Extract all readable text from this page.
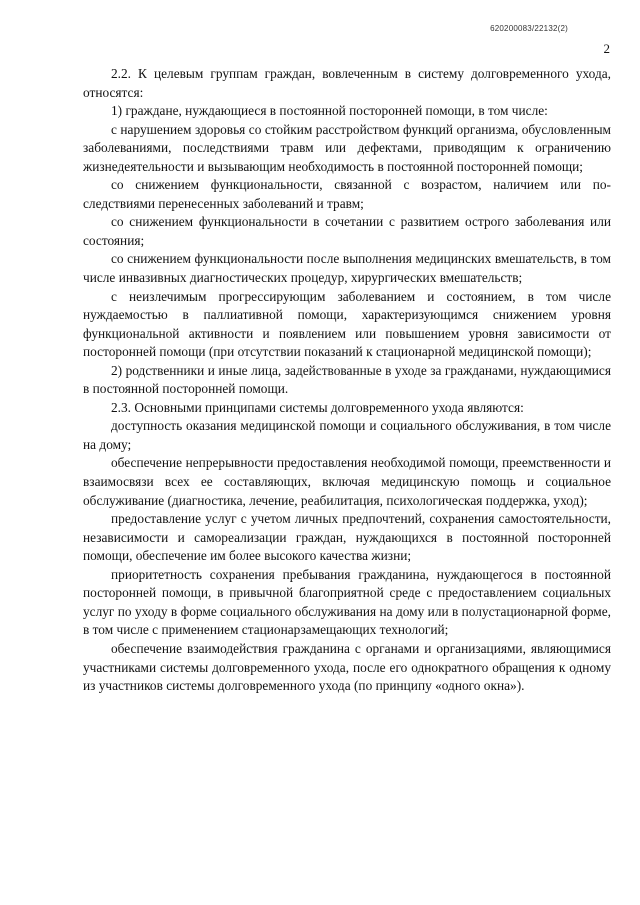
620200083/22132(2)
2

2.2. К целевым группам граждан, вовлеченным в систему долговременного ухода, относятся:

1) граждане, нуждающиеся в постоянной посторонней помощи, в том числе:

с нарушением здоровья со стойким расстройством функций организма, обусловленным заболеваниями, последствиями травм или дефектами, приводящим к ограничению жизнедеятельности и вызывающим необходимость в постоянной посторонней помощи;

со снижением функциональности, связанной с возрастом, наличием или последствиями перенесенных заболеваний и травм;

со снижением функциональности в сочетании с развитием острого заболевания или состояния;

со снижением функциональности после выполнения медицинских вмешательств, в том числе инвазивных диагностических процедур, хирургических вмешательств;

с неизлечимым прогрессирующим заболеванием и состоянием, в том числе нуждаемостью в паллиативной помощи, характеризующимся снижением уровня функциональной активности и появлением или повышением уровня зависимости от посторонней помощи (при отсутствии показаний к стационарной медицинской помощи);

2) родственники и иные лица, задействованные в уходе за гражданами, нуждающимися в постоянной посторонней помощи.

2.3. Основными принципами системы долговременного ухода являются:

доступность оказания медицинской помощи и социального обслуживания, в том числе на дому;

обеспечение непрерывности предоставления необходимой помощи, преемственности и взаимосвязи всех ее составляющих, включая медицинскую помощь и социальное обслуживание (диагностика, лечение, реабилитация, психологическая поддержка, уход);

предоставление услуг с учетом личных предпочтений, сохранения самостоятельности, независимости и самореализации граждан, нуждающихся в постоянной посторонней помощи, обеспечение им более высокого качества жизни;

приоритетность сохранения пребывания гражданина, нуждающегося в постоянной посторонней помощи, в привычной благоприятной среде с предоставлением социальных услуг по уходу в форме социального обслуживания на дому или в полустационарной форме, в том числе с применением стационарзамещающих технологий;

обеспечение взаимодействия гражданина с органами и организациями, являющимися участниками системы долговременного ухода, после его однократного обращения к одному из участников системы долговременного ухода (по принципу «одного окна»).
